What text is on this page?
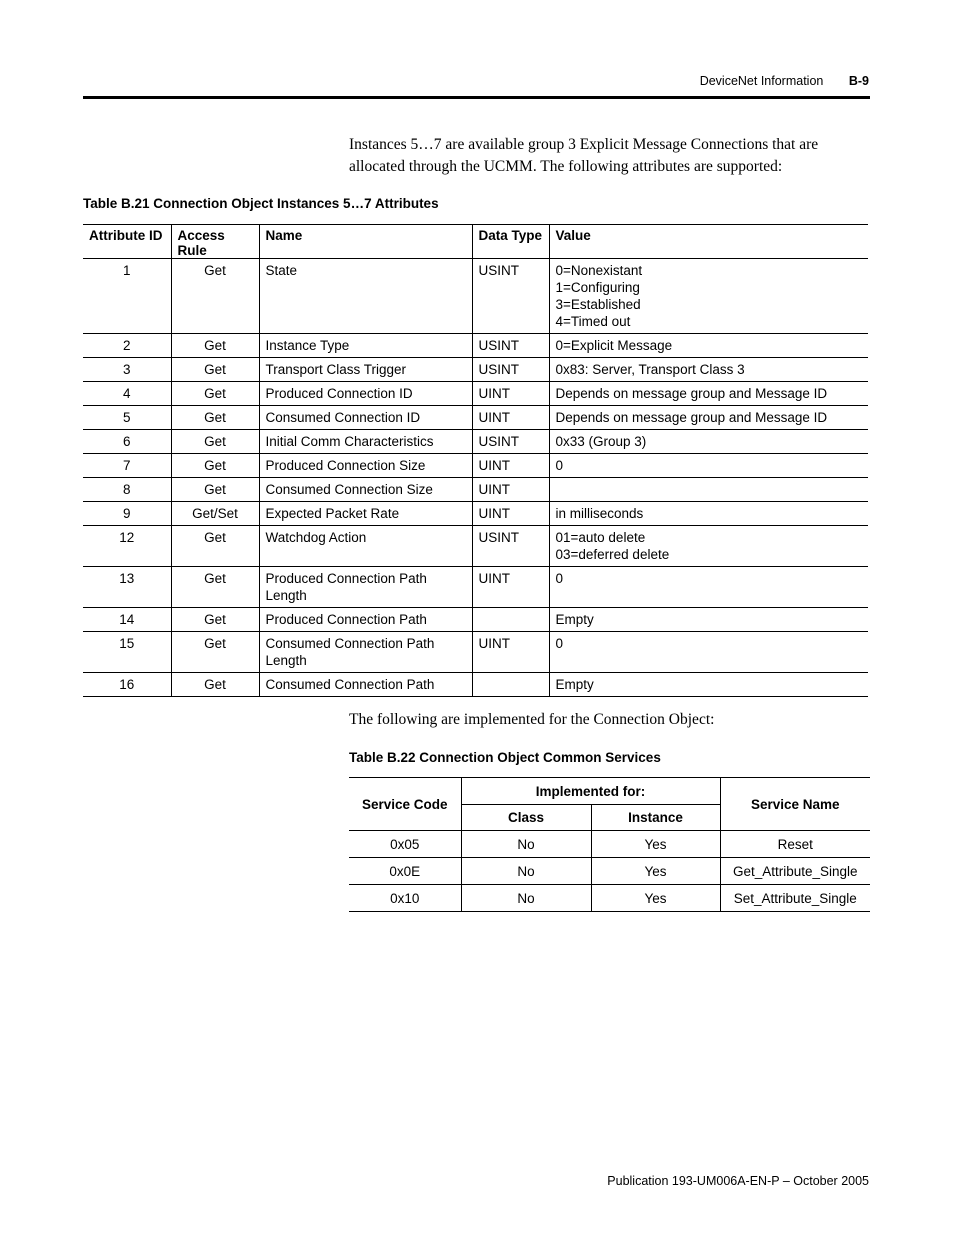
DeviceNet Information B-9
Instances 5…7 are available group 3 Explicit Message Connections that are allocated through the UCMM. The following attributes are supported:
Table B.21 Connection Object Instances 5…7 Attributes
Attribute ID	Access Rule	Name	Data Type	Value
1	Get	State	USINT	0=Nonexistant
1=Configuring
3=Established
4=Timed out
2	Get	Instance Type	USINT	0=Explicit Message
3	Get	Transport Class Trigger	USINT	0x83: Server, Transport Class 3
4	Get	Produced Connection ID	UINT	Depends on message group and Message ID
5	Get	Consumed Connection ID	UINT	Depends on message group and Message ID
6	Get	Initial Comm Characteristics	USINT	0x33 (Group 3)
7	Get	Produced Connection Size	UINT	0
8	Get	Consumed Connection Size	UINT	
9	Get/Set	Expected Packet Rate	UINT	in milliseconds
12	Get	Watchdog Action	USINT	01=auto delete
03=deferred delete
13	Get	Produced Connection Path Length	UINT	0
14	Get	Produced Connection Path		Empty
15	Get	Consumed Connection Path Length	UINT	0
16	Get	Consumed Connection Path		Empty
The following are implemented for the Connection Object:
Table B.22 Connection Object Common Services
Service Code	Implemented for:		Service Name
	Class	Instance	
0x05	No	Yes	Reset
0x0E	No	Yes	Get_Attribute_Single
0x10	No	Yes	Set_Attribute_Single
Publication 193-UM006A-EN-P – October 2005
